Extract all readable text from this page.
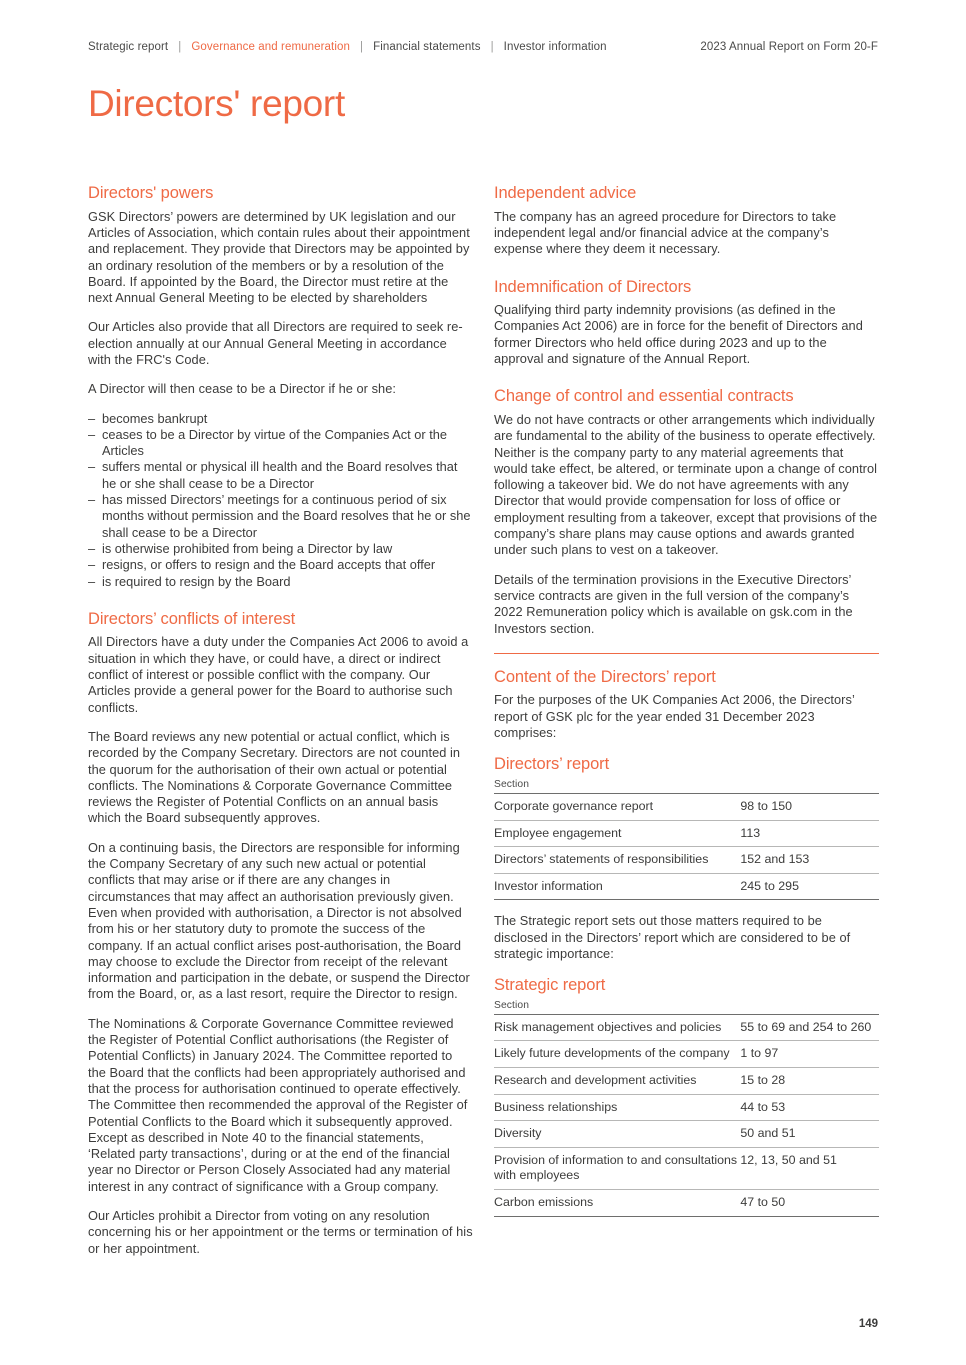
Strategic report | Governance and remuneration | Financial statements | Investor information	2023 Annual Report on Form 20-F
Directors' report
Directors' powers

GSK Directors’ powers are determined by UK legislation and our Articles of Association, which contain rules about their appointment and replacement. They provide that Directors may be appointed by an ordinary resolution of the members or by a resolution of the Board. If appointed by the Board, the Director must retire at the next Annual General Meeting to be elected by shareholders

Our Articles also provide that all Directors are required to seek re-election annually at our Annual General Meeting in accordance with the FRC's Code.

A Director will then cease to be a Director if he or she:

– becomes bankrupt
– ceases to be a Director by virtue of the Companies Act or the Articles
– suffers mental or physical ill health and the Board resolves that he or she shall cease to be a Director
– has missed Directors’ meetings for a continuous period of six months without permission and the Board resolves that he or she shall cease to be a Director
– is otherwise prohibited from being a Director by law
– resigns, or offers to resign and the Board accepts that offer
– is required to resign by the Board
Directors’ conflicts of interest

All Directors have a duty under the Companies Act 2006 to avoid a situation in which they have, or could have, a direct or indirect conflict of interest or possible conflict with the company. Our Articles provide a general power for the Board to authorise such conflicts.

The Board reviews any new potential or actual conflict, which is recorded by the Company Secretary. Directors are not counted in the quorum for the authorisation of their own actual or potential conflicts. The Nominations & Corporate Governance Committee reviews the Register of Potential Conflicts on an annual basis which the Board subsequently approves.

On a continuing basis, the Directors are responsible for informing the Company Secretary of any such new actual or potential conflicts that may arise or if there are any changes in circumstances that may affect an authorisation previously given. Even when provided with authorisation, a Director is not absolved from his or her statutory duty to promote the success of the company. If an actual conflict arises post-authorisation, the Board may choose to exclude the Director from receipt of the relevant information and participation in the debate, or suspend the Director from the Board, or, as a last resort, require the Director to resign.

The Nominations & Corporate Governance Committee reviewed the Register of Potential Conflict authorisations (the Register of Potential Conflicts) in January 2024. The Committee reported to the Board that the conflicts had been appropriately authorised and that the process for authorisation continued to operate effectively. The Committee then recommended the approval of the Register of Potential Conflicts to the Board which it subsequently approved. Except as described in Note 40 to the financial statements, ‘Related party transactions’, during or at the end of the financial year no Director or Person Closely Associated had any material interest in any contract of significance with a Group company.

Our Articles prohibit a Director from voting on any resolution concerning his or her appointment or the terms or termination of his or her appointment.

Independent advice

The company has an agreed procedure for Directors to take independent legal and/or financial advice at the company’s expense where they deem it necessary.

Indemnification of Directors

Qualifying third party indemnity provisions (as defined in the Companies Act 2006) are in force for the benefit of Directors and former Directors who held office during 2023 and up to the approval and signature of the Annual Report.

Change of control and essential contracts

We do not have contracts or other arrangements which individually are fundamental to the ability of the business to operate effectively. Neither is the company party to any material agreements that would take effect, be altered, or terminate upon a change of control following a takeover bid. We do not have agreements with any Director that would provide compensation for loss of office or employment resulting from a takeover, except that provisions of the company’s share plans may cause options and awards granted under such plans to vest on a takeover.

Details of the termination provisions in the Executive Directors’ service contracts are given in the full version of the company’s 2022 Remuneration policy which is available on gsk.com in the Investors section.

Content of the Directors’ report

For the purposes of the UK Companies Act 2006, the Directors’ report of GSK plc for the year ended 31 December 2023 comprises:

Directors’ report
Section	
Corporate governance report	98 to 150
Employee engagement	113
Directors’ statements of responsibilities	152 and 153
Investor information	245 to 295

The Strategic report sets out those matters required to be disclosed in the Directors’ report which are considered to be of strategic importance:

Strategic report
Section	
Risk management objectives and policies	55 to 69 and 254 to 260
Likely future developments of the company	1 to 97
Research and development activities	15 to 28
Business relationships	44 to 53
Diversity	50 and 51
Provision of information to and consultations with employees	12, 13, 50 and 51
Carbon emissions	47 to 50
149
